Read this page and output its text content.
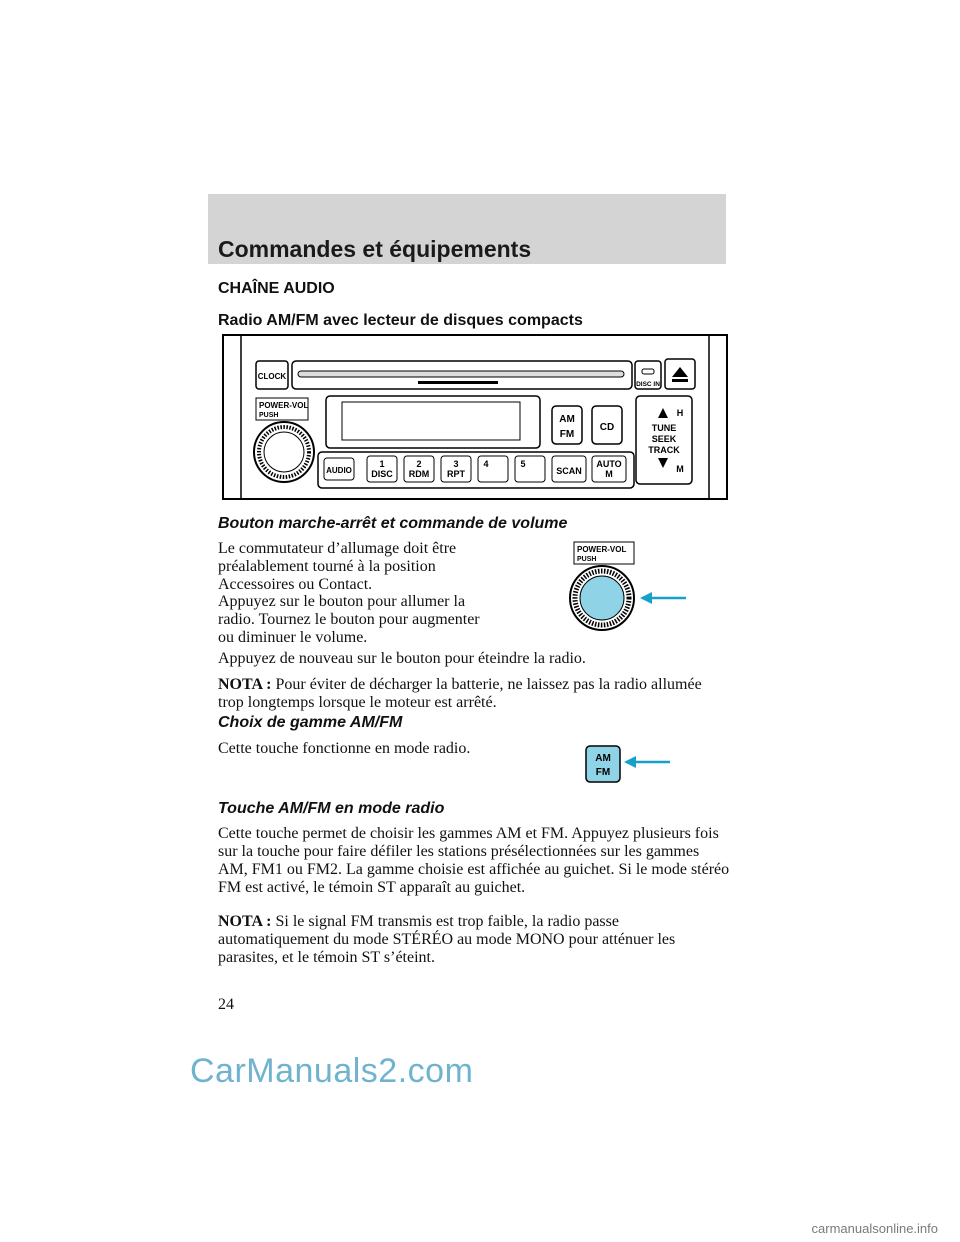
Commandes et équipements
CHAÎNE AUDIO
Radio AM/FM avec lecteur de disques compacts
CLOCK
DISC IN
POWER-VOL
PUSH	AM
FM
CD
H
TUNE
SEEK
TRACK
M
AUDIO
1
DISC
2
RDM
3
RPT
4	5
SCAN
AUTO
M
Bouton marche-arrêt et commande de volume

Le commutateur d’allumage doit être préalablement tourné à la position Accessoires ou Contact.

Appuyez sur le bouton pour allumer la radio. Tournez le bouton pour augmenter ou diminuer le volume.

Appuyez de nouveau sur le bouton pour éteindre la radio.

NOTA : Pour éviter de décharger la batterie, ne laissez pas la radio allumée trop longtemps lorsque le moteur est arrêté.

POWER-VOL
PUSH
Choix de gamme AM/FM

Cette touche fonctionne en mode radio.

AM
FM
Touche AM/FM en mode radio

Cette touche permet de choisir les gammes AM et FM. Appuyez plusieurs fois sur la touche pour faire défiler les stations présélectionnées sur les gammes AM, FM1 ou FM2. La gamme choisie est affichée au guichet. Si le mode stéréo FM est activé, le témoin ST apparaît au guichet.

NOTA : Si le signal FM transmis est trop faible, la radio passe automatiquement du mode STÉRÉO au mode MONO pour atténuer les parasites, et le témoin ST s’éteint.

24
CarManuals2.com
carmanualsonline.info
